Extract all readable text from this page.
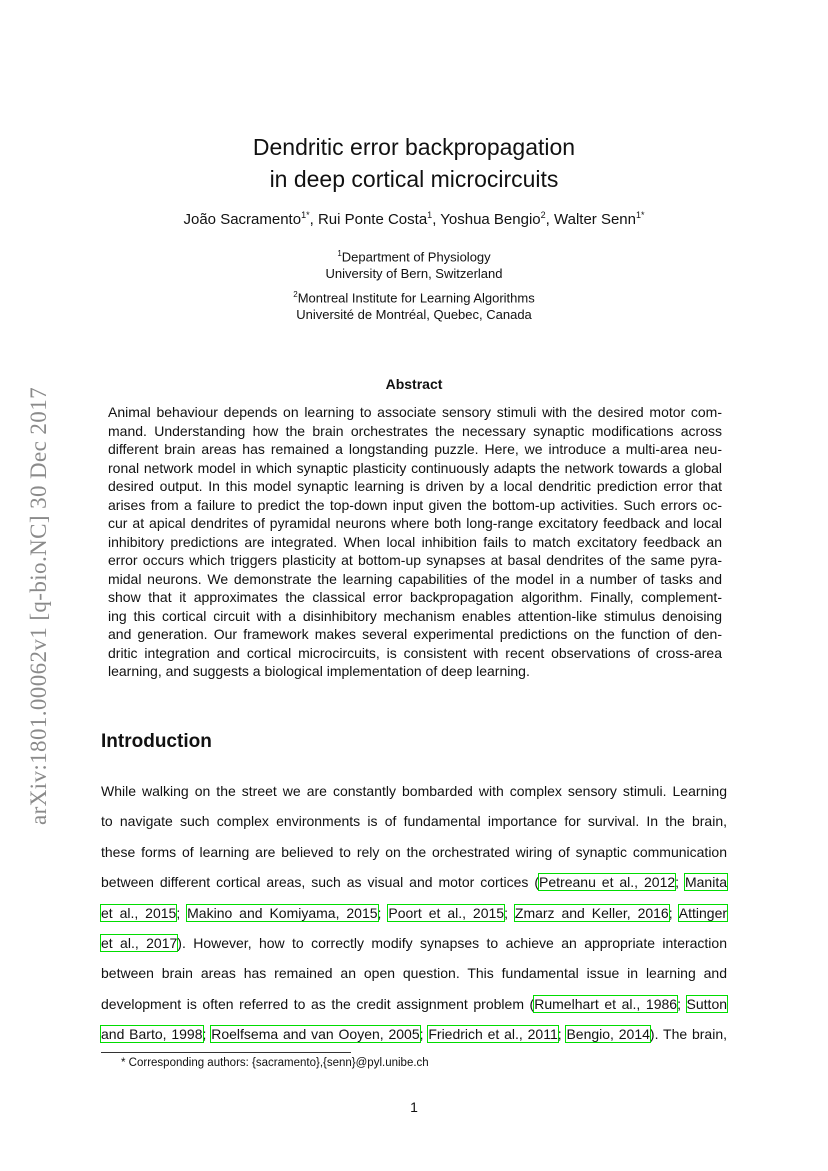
arXiv:1801.00062v1 [q-bio.NC] 30 Dec 2017
Dendritic error backpropagation
in deep cortical microcircuits
João Sacramento$^{1*}$, Rui Ponte Costa$^1$, Yoshua Bengio$^2$, Walter Senn$^{1*}$
$^1$Department of Physiology
University of Bern, Switzerland
$^2$Montreal Institute for Learning Algorithms
Université de Montréal, Quebec, Canada
Abstract
Animal behaviour depends on learning to associate sensory stimuli with the desired motor com-
mand. Understanding how the brain orchestrates the necessary synaptic modifications across
different brain areas has remained a longstanding puzzle. Here, we introduce a multi-area neu-
ronal network model in which synaptic plasticity continuously adapts the network towards a global
desired output. In this model synaptic learning is driven by a local dendritic prediction error that
arises from a failure to predict the top-down input given the bottom-up activities. Such errors oc-
cur at apical dendrites of pyramidal neurons where both long-range excitatory feedback and local
inhibitory predictions are integrated. When local inhibition fails to match excitatory feedback an
error occurs which triggers plasticity at bottom-up synapses at basal dendrites of the same pyra-
midal neurons. We demonstrate the learning capabilities of the model in a number of tasks and
show that it approximates the classical error backpropagation algorithm. Finally, complement-
ing this cortical circuit with a disinhibitory mechanism enables attention-like stimulus denoising
and generation. Our framework makes several experimental predictions on the function of den-
dritic integration and cortical microcircuits, is consistent with recent observations of cross-area
learning, and suggests a biological implementation of deep learning.
Introduction
While walking on the street we are constantly bombarded with complex sensory stimuli. Learning
to navigate such complex environments is of fundamental importance for survival. In the brain,
these forms of learning are believed to rely on the orchestrated wiring of synaptic communication
between different cortical areas, such as visual and motor cortices (Petreanu et al., 2012; Manita
et al., 2015; Makino and Komiyama, 2015; Poort et al., 2015; Zmarz and Keller, 2016; Attinger
et al., 2017). However, how to correctly modify synapses to achieve an appropriate interaction
between brain areas has remained an open question. This fundamental issue in learning and
development is often referred to as the credit assignment problem (Rumelhart et al., 1986; Sutton
and Barto, 1998; Roelfsema and van Ooyen, 2005; Friedrich et al., 2011; Bengio, 2014). The brain,
* Corresponding authors: {sacramento},{senn}@pyl.unibe.ch
1
